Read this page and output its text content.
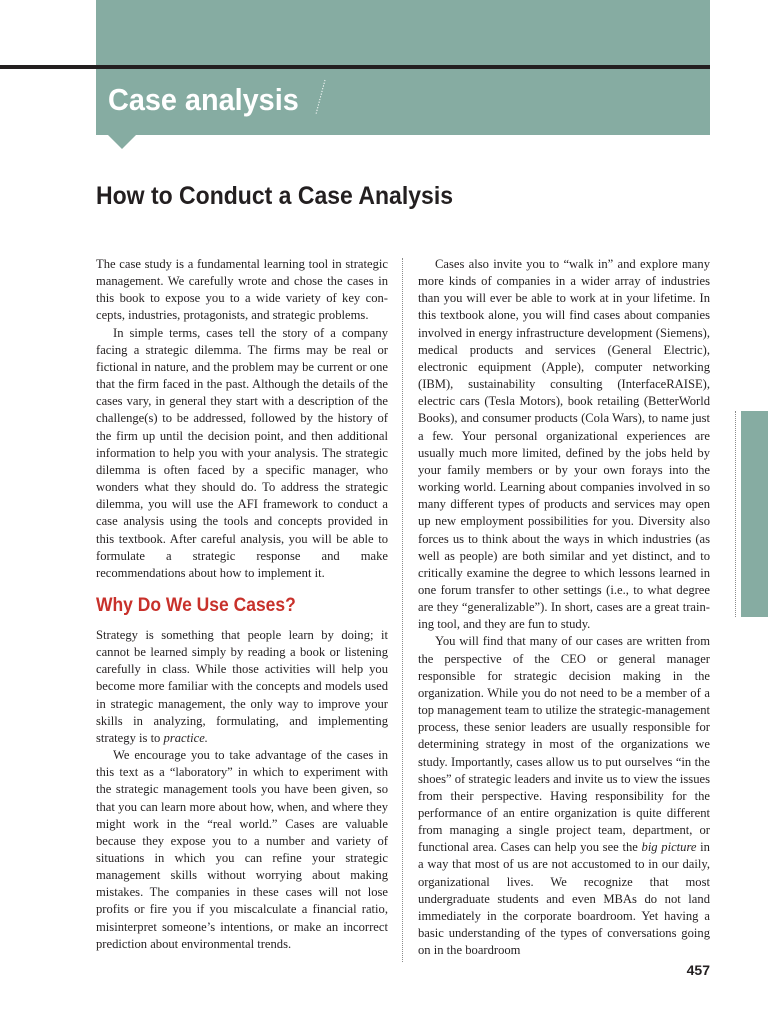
Case analysis
How to Conduct a Case Analysis

The case study is a fundamental learning tool in strategic management. We carefully wrote and chose the cases in this book to expose you to a wide variety of key concepts, industries, protagonists, and strategic problems.

In simple terms, cases tell the story of a company facing a strategic dilemma. The firms may be real or fictional in nature, and the problem may be current or one that the firm faced in the past. Although the details of the cases vary, in general they start with a description of the challenge(s) to be addressed, followed by the history of the firm up until the decision point, and then additional information to help you with your analysis. The strategic dilemma is often faced by a specific manager, who wonders what they should do. To address the strategic dilemma, you will use the AFI framework to conduct a case analysis using the tools and concepts provided in this textbook. After careful analysis, you will be able to formulate a strategic response and make recommendations about how to implement it.

Why Do We Use Cases?

Strategy is something that people learn by doing; it cannot be learned simply by reading a book or listening carefully in class. While those activities will help you become more familiar with the concepts and models used in strategic management, the only way to improve your skills in analyzing, formulating, and implementing strategy is to practice.

We encourage you to take advantage of the cases in this text as a “laboratory” in which to experiment with the strategic management tools you have been given, so that you can learn more about how, when, and where they might work in the “real world.” Cases are valuable because they expose you to a number and variety of situations in which you can refine your strategic management skills without worrying about making mistakes. The companies in these cases will not lose profits or fire you if you miscalculate a financial ratio, misinterpret someone’s intentions, or make an incorrect prediction about environmental trends.

Cases also invite you to “walk in” and explore many more kinds of companies in a wider array of industries than you will ever be able to work at in your lifetime. In this textbook alone, you will find cases about companies involved in energy infrastructure development (Siemens), medical products and services (General Electric), electronic equipment (Apple), computer networking (IBM), sustainability consulting (InterfaceRAISE), electric cars (Tesla Motors), book retailing (BetterWorld Books), and consumer products (Cola Wars), to name just a few. Your personal organizational experiences are usually much more limited, defined by the jobs held by your family members or by your own forays into the working world. Learning about companies involved in so many different types of products and services may open up new employment possibilities for you. Diversity also forces us to think about the ways in which industries (as well as people) are both similar and yet distinct, and to critically examine the degree to which lessons learned in one forum transfer to other settings (i.e., to what degree are they “generalizable”). In short, cases are a great training tool, and they are fun to study.

You will find that many of our cases are written from the perspective of the CEO or general manager responsible for strategic decision making in the organization. While you do not need to be a member of a top management team to utilize the strategic-management process, these senior leaders are usually responsible for determining strategy in most of the organizations we study. Importantly, cases allow us to put ourselves “in the shoes” of strategic leaders and invite us to view the issues from their perspective. Having responsibility for the performance of an entire organization is quite different from managing a single project team, department, or functional area. Cases can help you see the big picture in a way that most of us are not accustomed to in our daily, organizational lives. We recognize that most undergraduate students and even MBAs do not land immediately in the corporate boardroom. Yet having a basic understanding of the types of conversations going on in the boardroom

457
